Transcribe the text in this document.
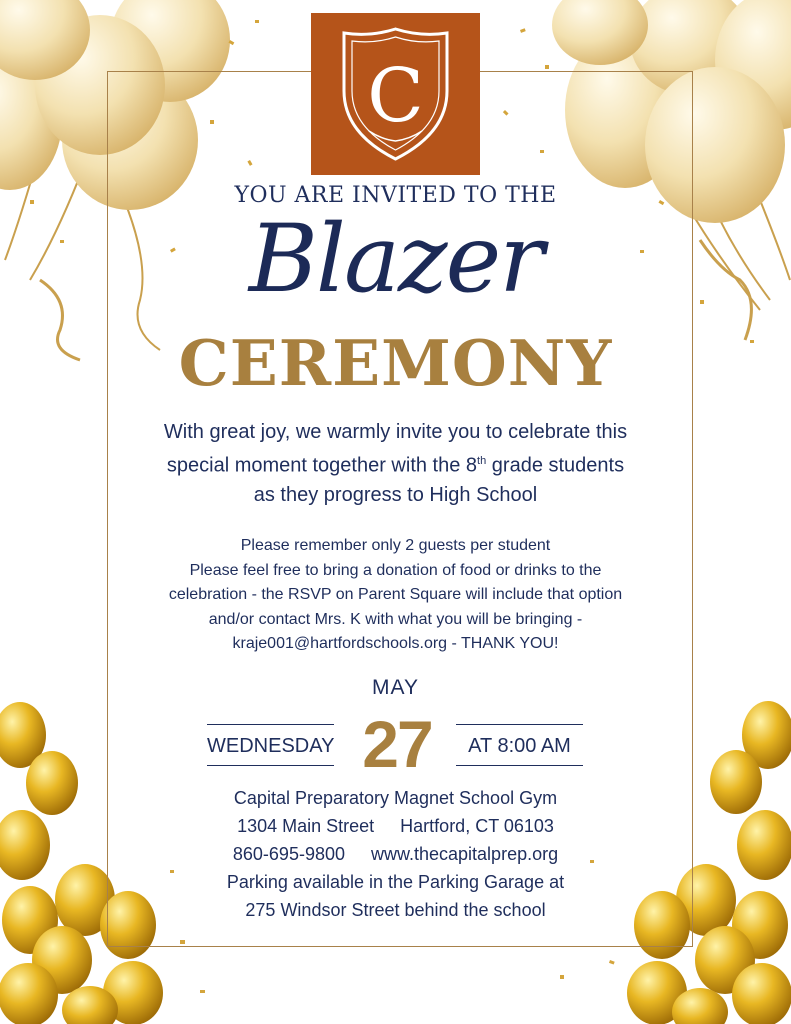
C
YOU ARE INVITED TO THE
Blazer
CEREMONY
With great joy, we warmly invite you to celebrate this
special moment together with the 8th grade students
as they progress to High School
Please remember only 2 guests per student
Please feel free to bring a donation of food or drinks to the
celebration - the RSVP on Parent Square will include that option
and/or contact Mrs. K with what you will be bringing -
kraje001@hartfordschools.org - THANK YOU!
MAY
WEDNESDAY 27	AT 8:00 AM
Capital Preparatory Magnet School Gym
1304 Main Street Hartford, CT 06103
860-695-9800 www.thecapitalprep.org
Parking available in the Parking Garage at
275 Windsor Street behind the school
